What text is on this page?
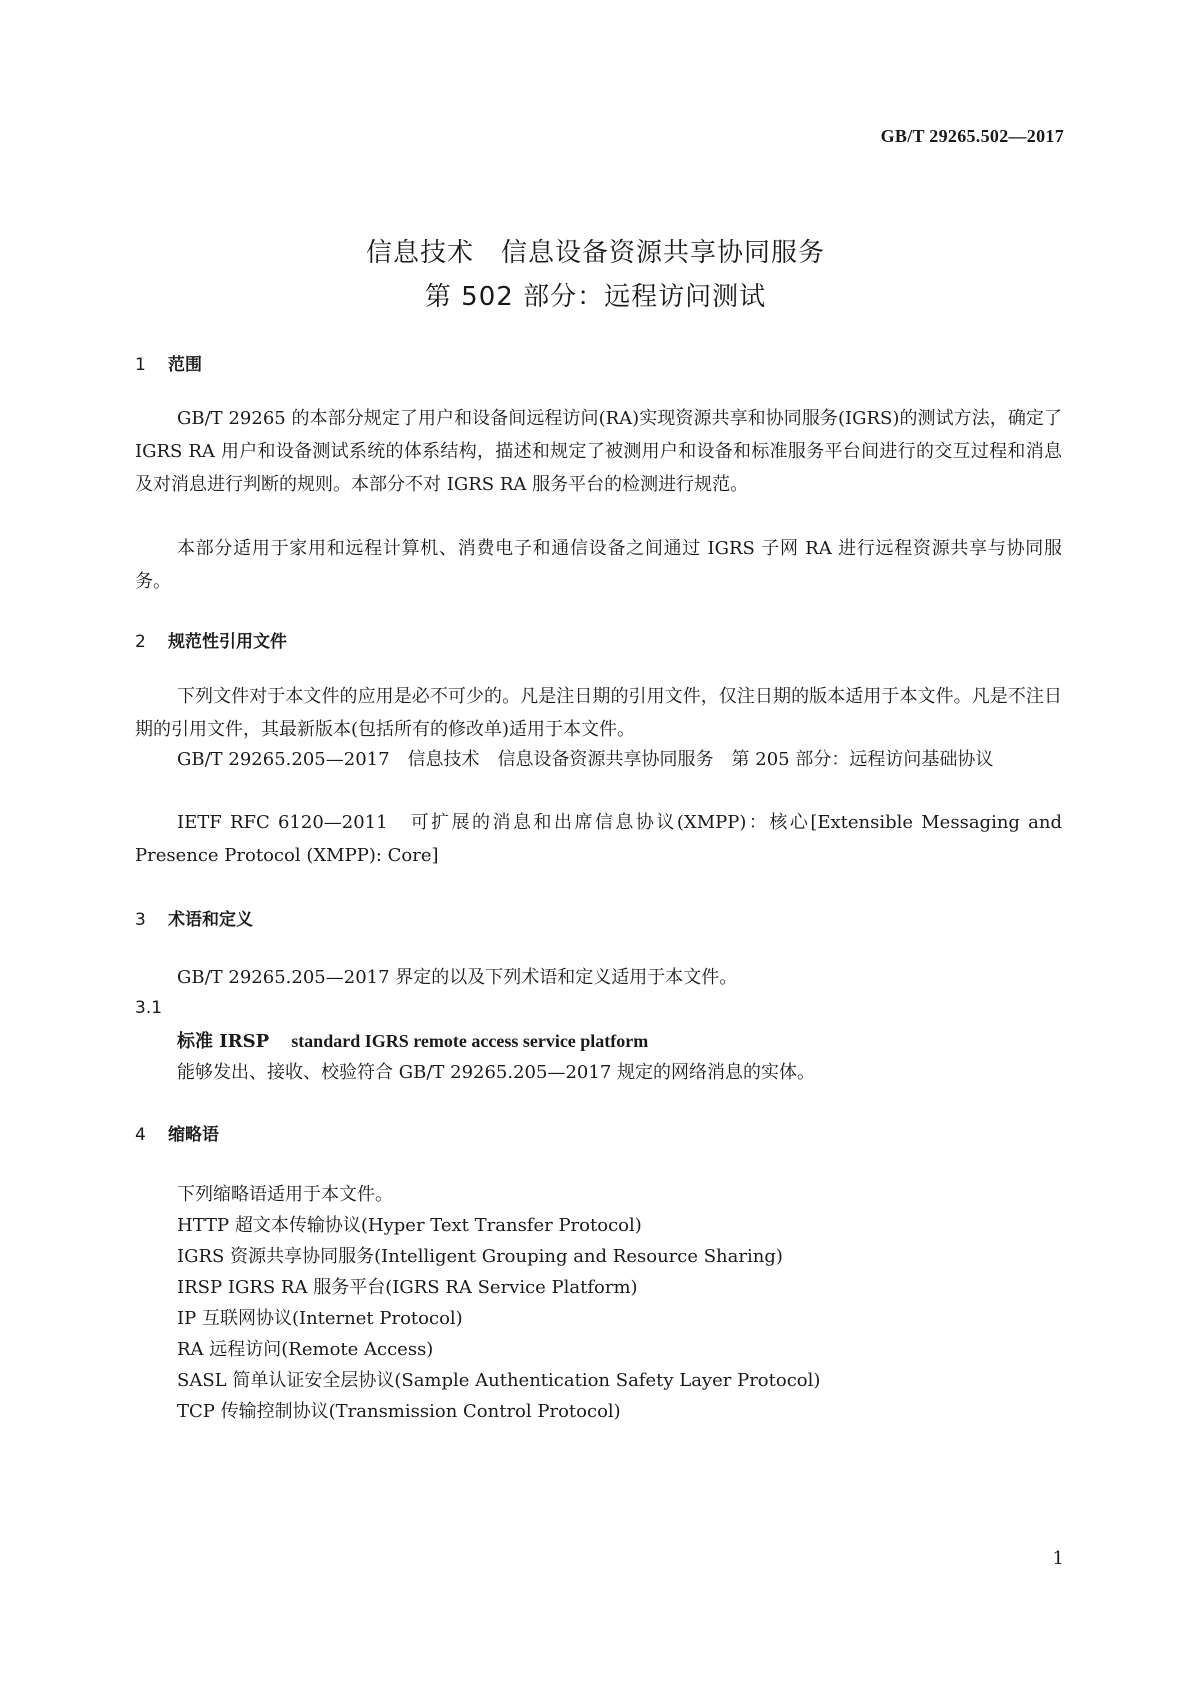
GB/T 29265.502—2017
信息技术　信息设备资源共享协同服务
第 502 部分：远程访问测试
1 范围
GB/T 29265 的本部分规定了用户和设备间远程访问(RA)实现资源共享和协同服务(IGRS)的测试方法，确定了 IGRS RA 用户和设备测试系统的体系结构，描述和规定了被测用户和设备和标准服务平台间进行的交互过程和消息及对消息进行判断的规则。本部分不对 IGRS RA 服务平台的检测进行规范。
本部分适用于家用和远程计算机、消费电子和通信设备之间通过 IGRS 子网 RA 进行远程资源共享与协同服务。
2 规范性引用文件
下列文件对于本文件的应用是必不可少的。凡是注日期的引用文件，仅注日期的版本适用于本文件。凡是不注日期的引用文件，其最新版本(包括所有的修改单)适用于本文件。
GB/T 29265.205—2017　信息技术　信息设备资源共享协同服务　第 205 部分：远程访问基础协议
IETF RFC 6120—2011　可扩展的消息和出席信息协议(XMPP)：核心[Extensible Messaging and Presence Protocol (XMPP): Core]
3 术语和定义
GB/T 29265.205—2017 界定的以及下列术语和定义适用于本文件。
3.1
标准 IRSP standard IGRS remote access service platform
能够发出、接收、校验符合 GB/T 29265.205—2017 规定的网络消息的实体。
4 缩略语
下列缩略语适用于本文件。
HTTP 超文本传输协议(Hyper Text Transfer Protocol)
IGRS 资源共享协同服务(Intelligent Grouping and Resource Sharing)
IRSP IGRS RA 服务平台(IGRS RA Service Platform)
IP 互联网协议(Internet Protocol)
RA 远程访问(Remote Access)
SASL 简单认证安全层协议(Sample Authentication Safety Layer Protocol)
TCP 传输控制协议(Transmission Control Protocol)
1
